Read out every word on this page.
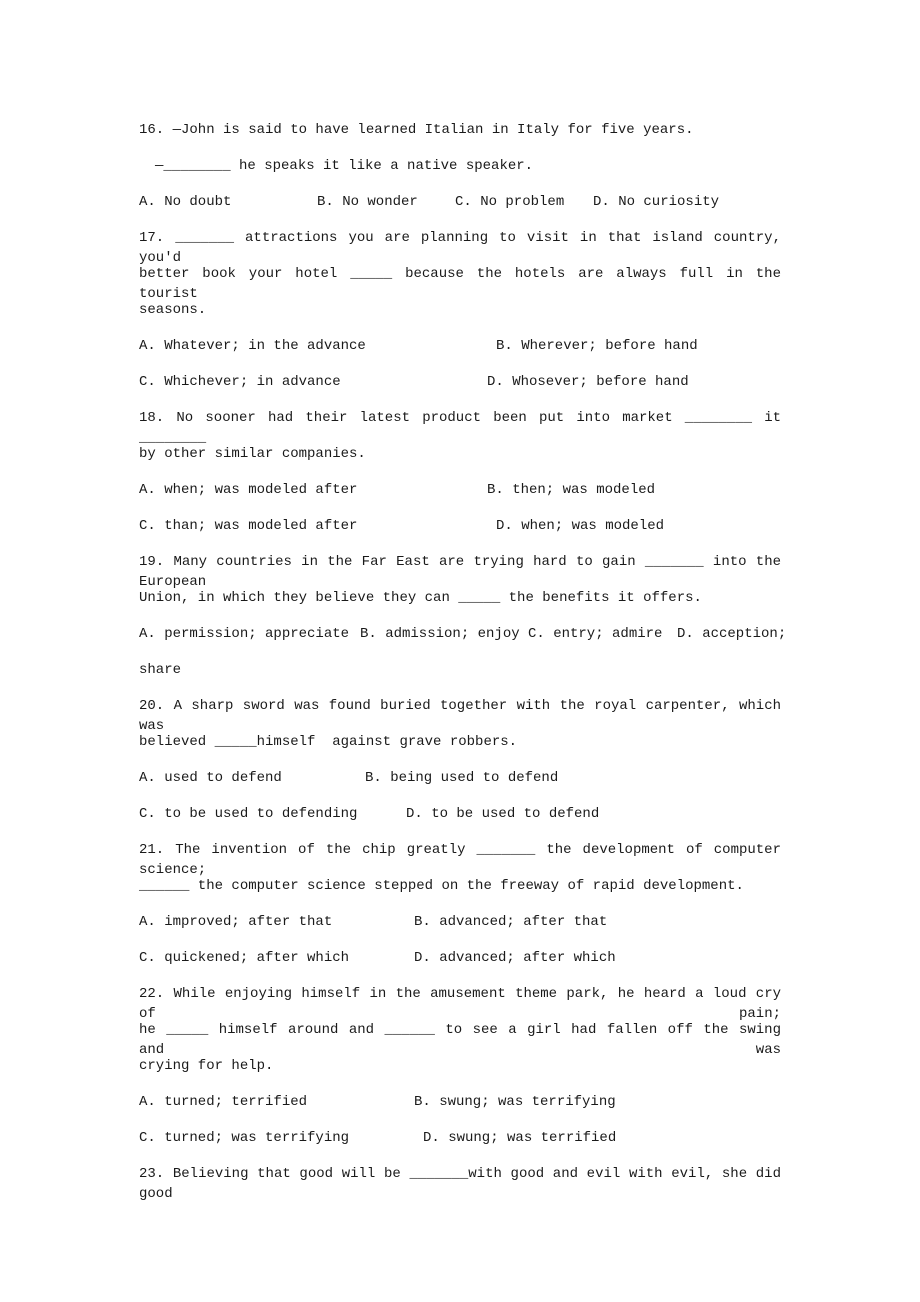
16. —John is said to have learned Italian in Italy for five years.
—________ he speaks it like a native speaker.
A. No doubt	B. No wonder	C. No problem D. No curiosity
17. _______ attractions you are planning to visit in that island country, you'd
better book your hotel _____ because the hotels are always full in the tourist
seasons.
A. Whatever; in the advance	B. Wherever; before hand
C. Whichever; in advance	D. Whosever; before hand
18. No sooner had their latest product been put into market ________ it ________
by other similar companies.
A. when; was modeled after	B. then; was modeled
C. than; was modeled after	D. when; was modeled
19. Many countries in the Far East are trying hard to gain _______ into the European
Union, in which they believe they can _____ the benefits it offers.
A. permission; appreciate B. admission; enjoy C. entry; admire D. acception;
share
20. A sharp sword was found buried together with the royal carpenter, which was
believed _____himself  against grave robbers.
A. used to defend	B. being used to defend
C. to be used to defending	D. to be used to defend
21. The invention of the chip greatly _______ the development of computer science;
______ the computer science stepped on the freeway of rapid development.
A. improved; after that	B. advanced; after that
C. quickened; after which	D. advanced; after which
22. While enjoying himself in the amusement theme park, he heard a loud cry of pain;
he _____ himself around and ______ to see a girl had fallen off the swing and was
crying for help.
A. turned; terrified	B. swung; was terrifying
C. turned; was terrifying	D. swung; was terrified
23. Believing that good will be _______with good and evil with evil, she did good
